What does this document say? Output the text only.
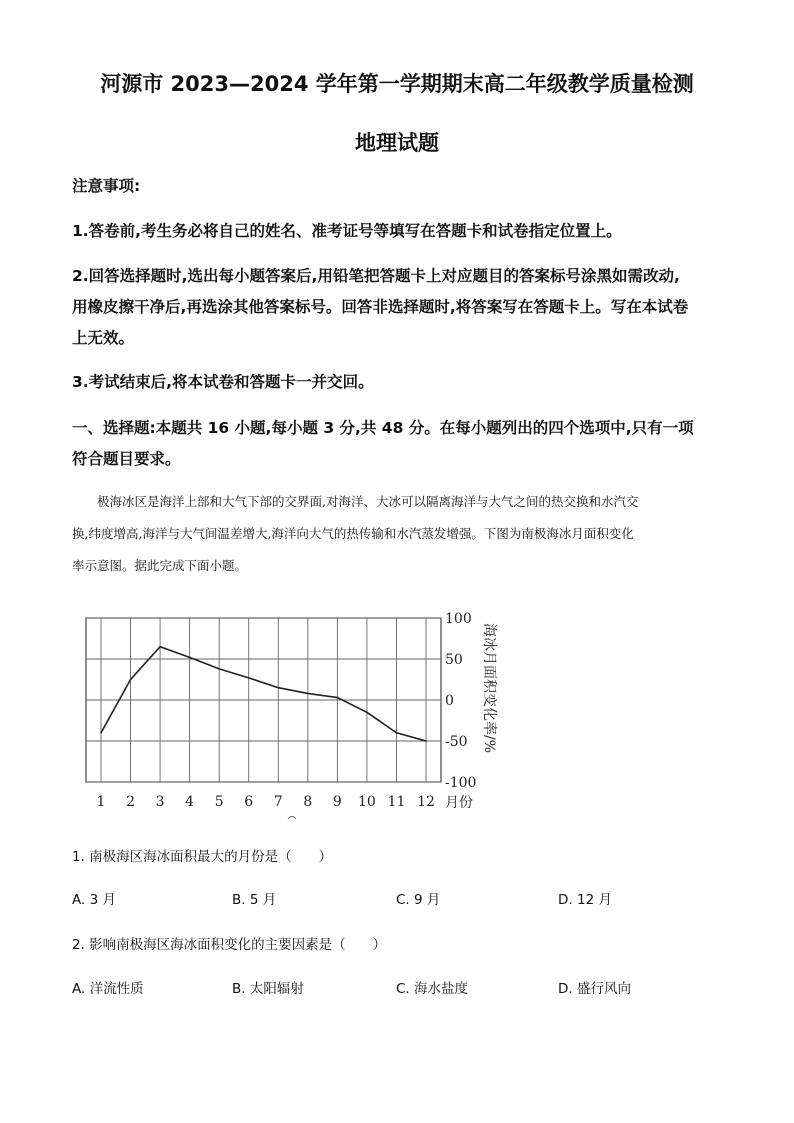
河源市 2023—2024 学年第一学期期末高二年级教学质量检测
地理试题
注意事项:
1.答卷前,考生务必将自己的姓名、准考证号等填写在答题卡和试卷指定位置上。
2.回答选择题时,选出每小题答案后,用铅笔把答题卡上对应题目的答案标号涂黑如需改动,
用橡皮擦干净后,再选涂其他答案标号。回答非选择题时,将答案写在答题卡上。写在本试卷
上无效。
3.考试结束后,将本试卷和答题卡一并交回。
一、选择题:本题共 16 小题,每小题 3 分,共 48 分。在每小题列出的四个选项中,只有一项
符合题目要求。
极海冰区是海洋上部和大气下部的交界面,对海洋、大冰可以隔离海洋与大气之间的热交换和水汽交
换,纬度增高,海洋与大气间温差增大,海洋向大气的热传输和水汽蒸发增强。下图为南极海冰月面积变化
率示意图。据此完成下面小题。
100
50
0
-50
-100
1 2 3 4 5 6 7 8 9 10 11 12 月份
海冰月面积变化率/%
1. 南极海区海冰面积最大的月份是（　　）
A. 3 月	B. 5 月	C. 9 月	D. 12 月
2. 影响南极海区海冰面积变化的主要因素是（　　）
A. 洋流性质	B. 太阳辐射	C. 海水盐度	D. 盛行风向
